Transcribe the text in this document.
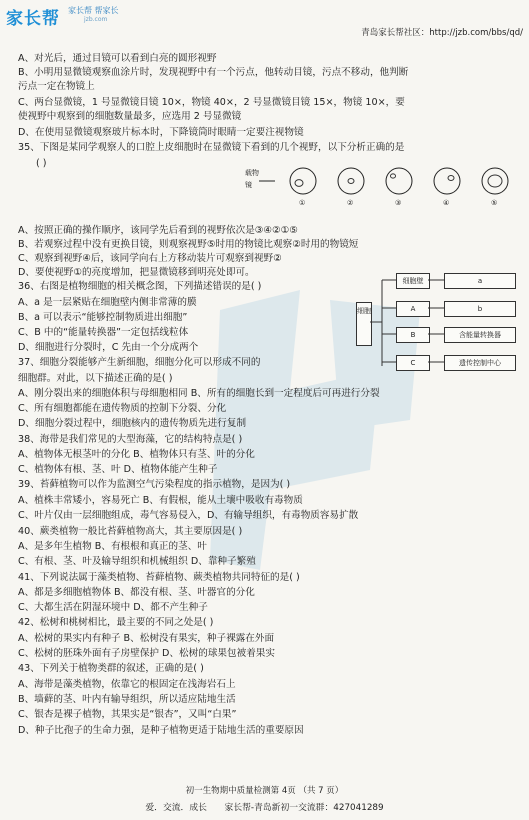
家长帮 家长帮 帮家长
jzb.com
青岛家长帮社区：http://jzb.com/bbs/qd/
载物
镜
①	②	③	④	⑤
细胞
细胞壁
A
B
C
a
b
含能量转换器
遗传控制中心
A、对光后，通过目镜可以看到白亮的圆形视野
B、小明用显微镜观察血涂片时，发现视野中有一个污点，他转动目镜，污点不移动，他判断
污点一定在物镜上
C、两台显微镜，1 号显微镜目镜 10×，物镜 40×，2 号显微镜目镜 15×，物镜 10×，要
使视野中观察到的细胞数量最多，应选用 2 号显微镜
D、在使用显微镜观察玻片标本时，下降镜筒时眼睛一定要注视物镜
35、下图是某同学观察人的口腔上皮细胞时在显微镜下看到的几个视野，以下分析正确的是
( )
A、按照正确的操作顺序，该同学先后看到的视野依次是③④②①⑤
B、若观察过程中没有更换目镜，则观察视野⑤时用的物镜比观察②时用的物镜短
C、观察到视野④后，该同学向右上方移动装片可观察到视野②
D、要使视野①的亮度增加，把显微镜移到明亮处即可。
36、右图是植物细胞的相关概念图，下列描述错误的是( )
A、a 是一层紧贴在细胞壁内侧非常薄的膜
B、a 可以表示“能够控制物质进出细胞”
C、B 中的“能量转换器”一定包括线粒体
D、细胞进行分裂时，C 先由一个分成两个
37、细胞分裂能够产生新细胞，细胞分化可以形成不同的
细胞群。对此，以下描述正确的是( )
A、刚分裂出来的细胞体积与母细胞相同 B、所有的细胞长到一定程度后可再进行分裂
C、所有细胞都能在遗传物质的控制下分裂、分化
D、细胞分裂过程中，细胞核内的遗传物质先进行复制
38、海带是我们常见的大型海藻，它的结构特点是( )
A、植物体无根茎叶的分化 B、植物体只有茎、叶的分化
C、植物体有根、茎、叶 D、植物体能产生种子
39、苔藓植物可以作为监测空气污染程度的指示植物，是因为( )
A、植株丰常矮小，容易死亡 B、有假根，能从土壤中吸收有毒物质
C、叶片仅由一层细胞组成，毒气容易侵入，D、有输导组织，有毒物质容易扩散
40、蕨类植物一般比苔藓植物高大，其主要原因是( )
A、是多年生植物 B、有根根和真正的茎、叶
C、有根、茎、叶及输导组织和机械组织 D、靠种子繁殖
41、下列说法属于藻类植物、苔藓植物、蕨类植物共同特征的是( )
A、都是多细胞植物体 B、都没有根、茎、叶器官的分化
C、大都生活在阴湿环境中 D、都不产生种子
42、松树和桃树相比，最主要的不同之处是( )
A、松树的果实内有种子 B、松树没有果实，种子裸露在外面
C、松树的胚珠外面有子房壁保护 D、松树的球果包被着果实
43、下列关于植物类群的叙述，正确的是( )
A、海带是藻类植物，依靠它的根固定在浅海岩石上
B、墙藓的茎、叶内有输导组织，所以适应陆地生活
C、银杏是裸子植物，其果实是“银杏”，又叫“白果”
D、种子比孢子的生命力强，是种子植物更适于陆地生活的重要原因
初一生物期中质量检测第 4页 （共 7 页）
爱．交流．成长　　家长帮-青岛新初一交流群：427041289
